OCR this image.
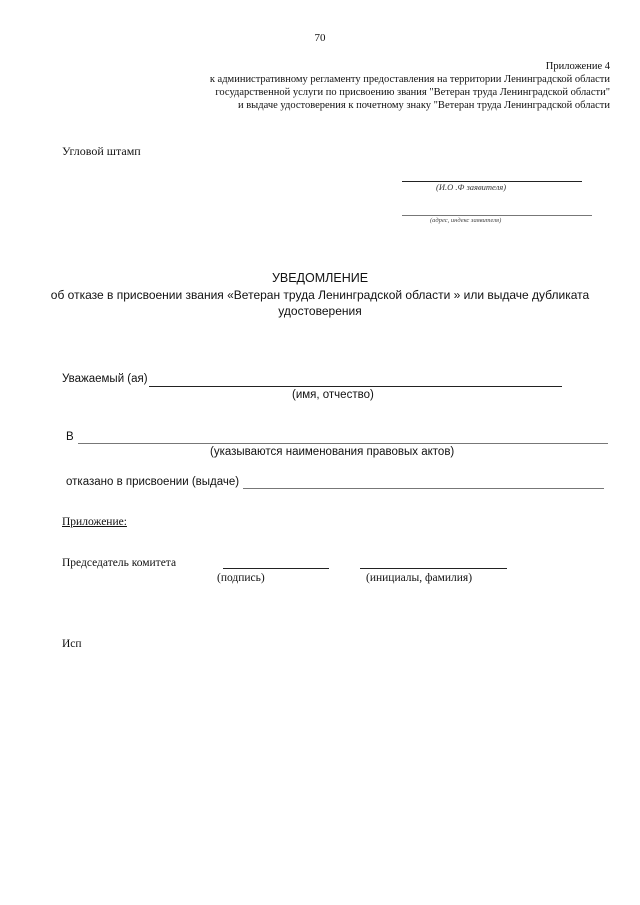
70
Приложение 4
к административному регламенту предоставления на территории Ленинградской области
государственной услуги по присвоению звания "Ветеран труда Ленинградской области"
и выдаче удостоверения к почетному знаку "Ветеран труда Ленинградской области
Угловой штамп
(И.О .Ф заявителя)
(адрес, индекс заявителя)
УВЕДОМЛЕНИЕ
об отказе в присвоении звания «Ветеран труда Ленинградской области » или выдаче дубликата
удостоверения
Уважаемый (ая)
(имя, отчество)
В
(указываются наименования правовых актов)
отказано в присвоении (выдаче)
Приложение:
Председатель комитета
(подпись)	(инициалы, фамилия)
Исп
